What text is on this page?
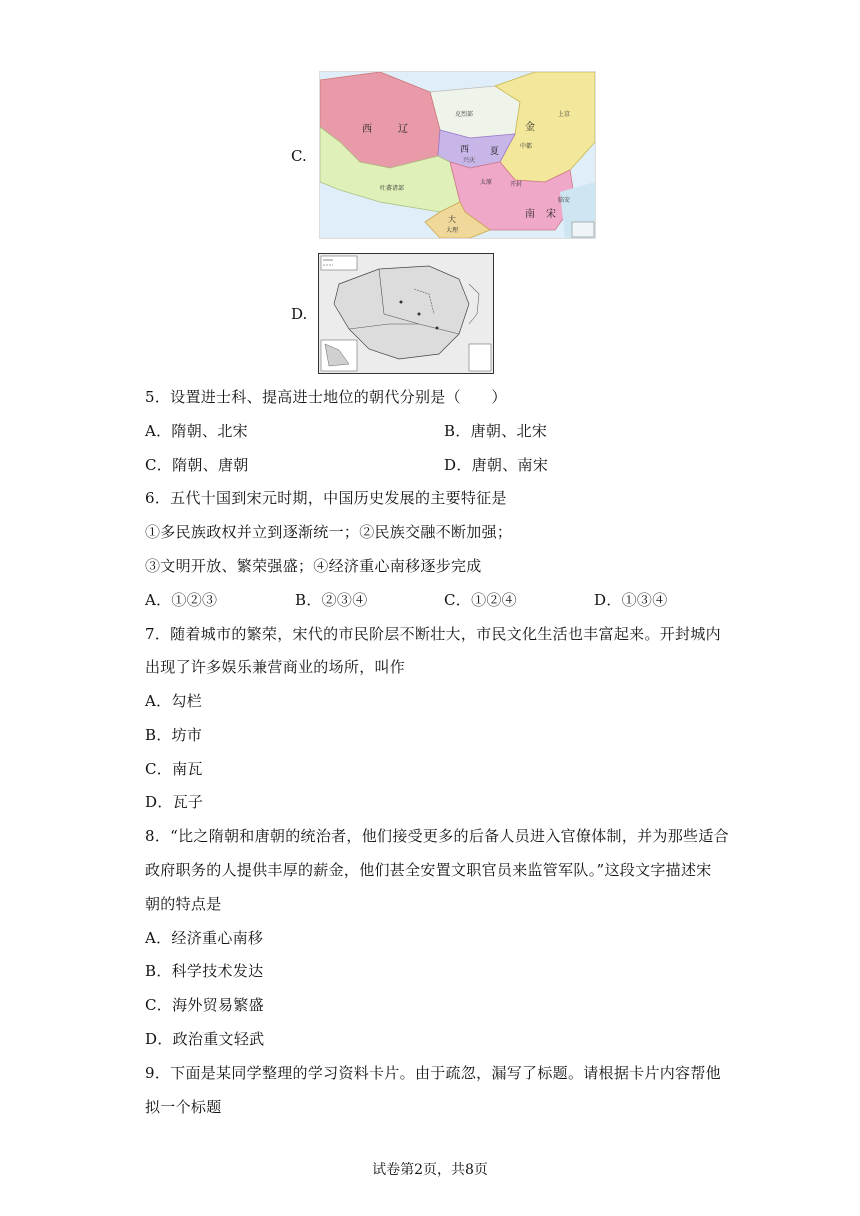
C.
西	辽
克烈部	上京
金
中都
西 夏
兴庆
太原	开封
吐蕃诸部
南 宋
临安
大
大理
D.
5．设置进士科、提高进士地位的朝代分别是（　　）
A．隋朝、北宋	B．唐朝、北宋
C．隋朝、唐朝	D．唐朝、南宋
6．五代十国到宋元时期，中国历史发展的主要特征是
①多民族政权并立到逐渐统一；②民族交融不断加强；
③文明开放、繁荣强盛；④经济重心南移逐步完成
A．①②③	B．②③④	C．①②④	D．①③④
7．随着城市的繁荣，宋代的市民阶层不断壮大，市民文化生活也丰富起来。开封城内
出现了许多娱乐兼营商业的场所，叫作
A．勾栏
B．坊市
C．南瓦
D．瓦子
8．“比之隋朝和唐朝的统治者，他们接受更多的后备人员进入官僚体制，并为那些适合
政府职务的人提供丰厚的薪金，他们甚全安置文职官员来监管军队。”这段文字描述宋
朝的特点是
A．经济重心南移
B．科学技术发达
C．海外贸易繁盛
D．政治重文轻武
9．下面是某同学整理的学习资料卡片。由于疏忽，漏写了标题。请根据卡片内容帮他
拟一个标题
试卷第2页，共8页
